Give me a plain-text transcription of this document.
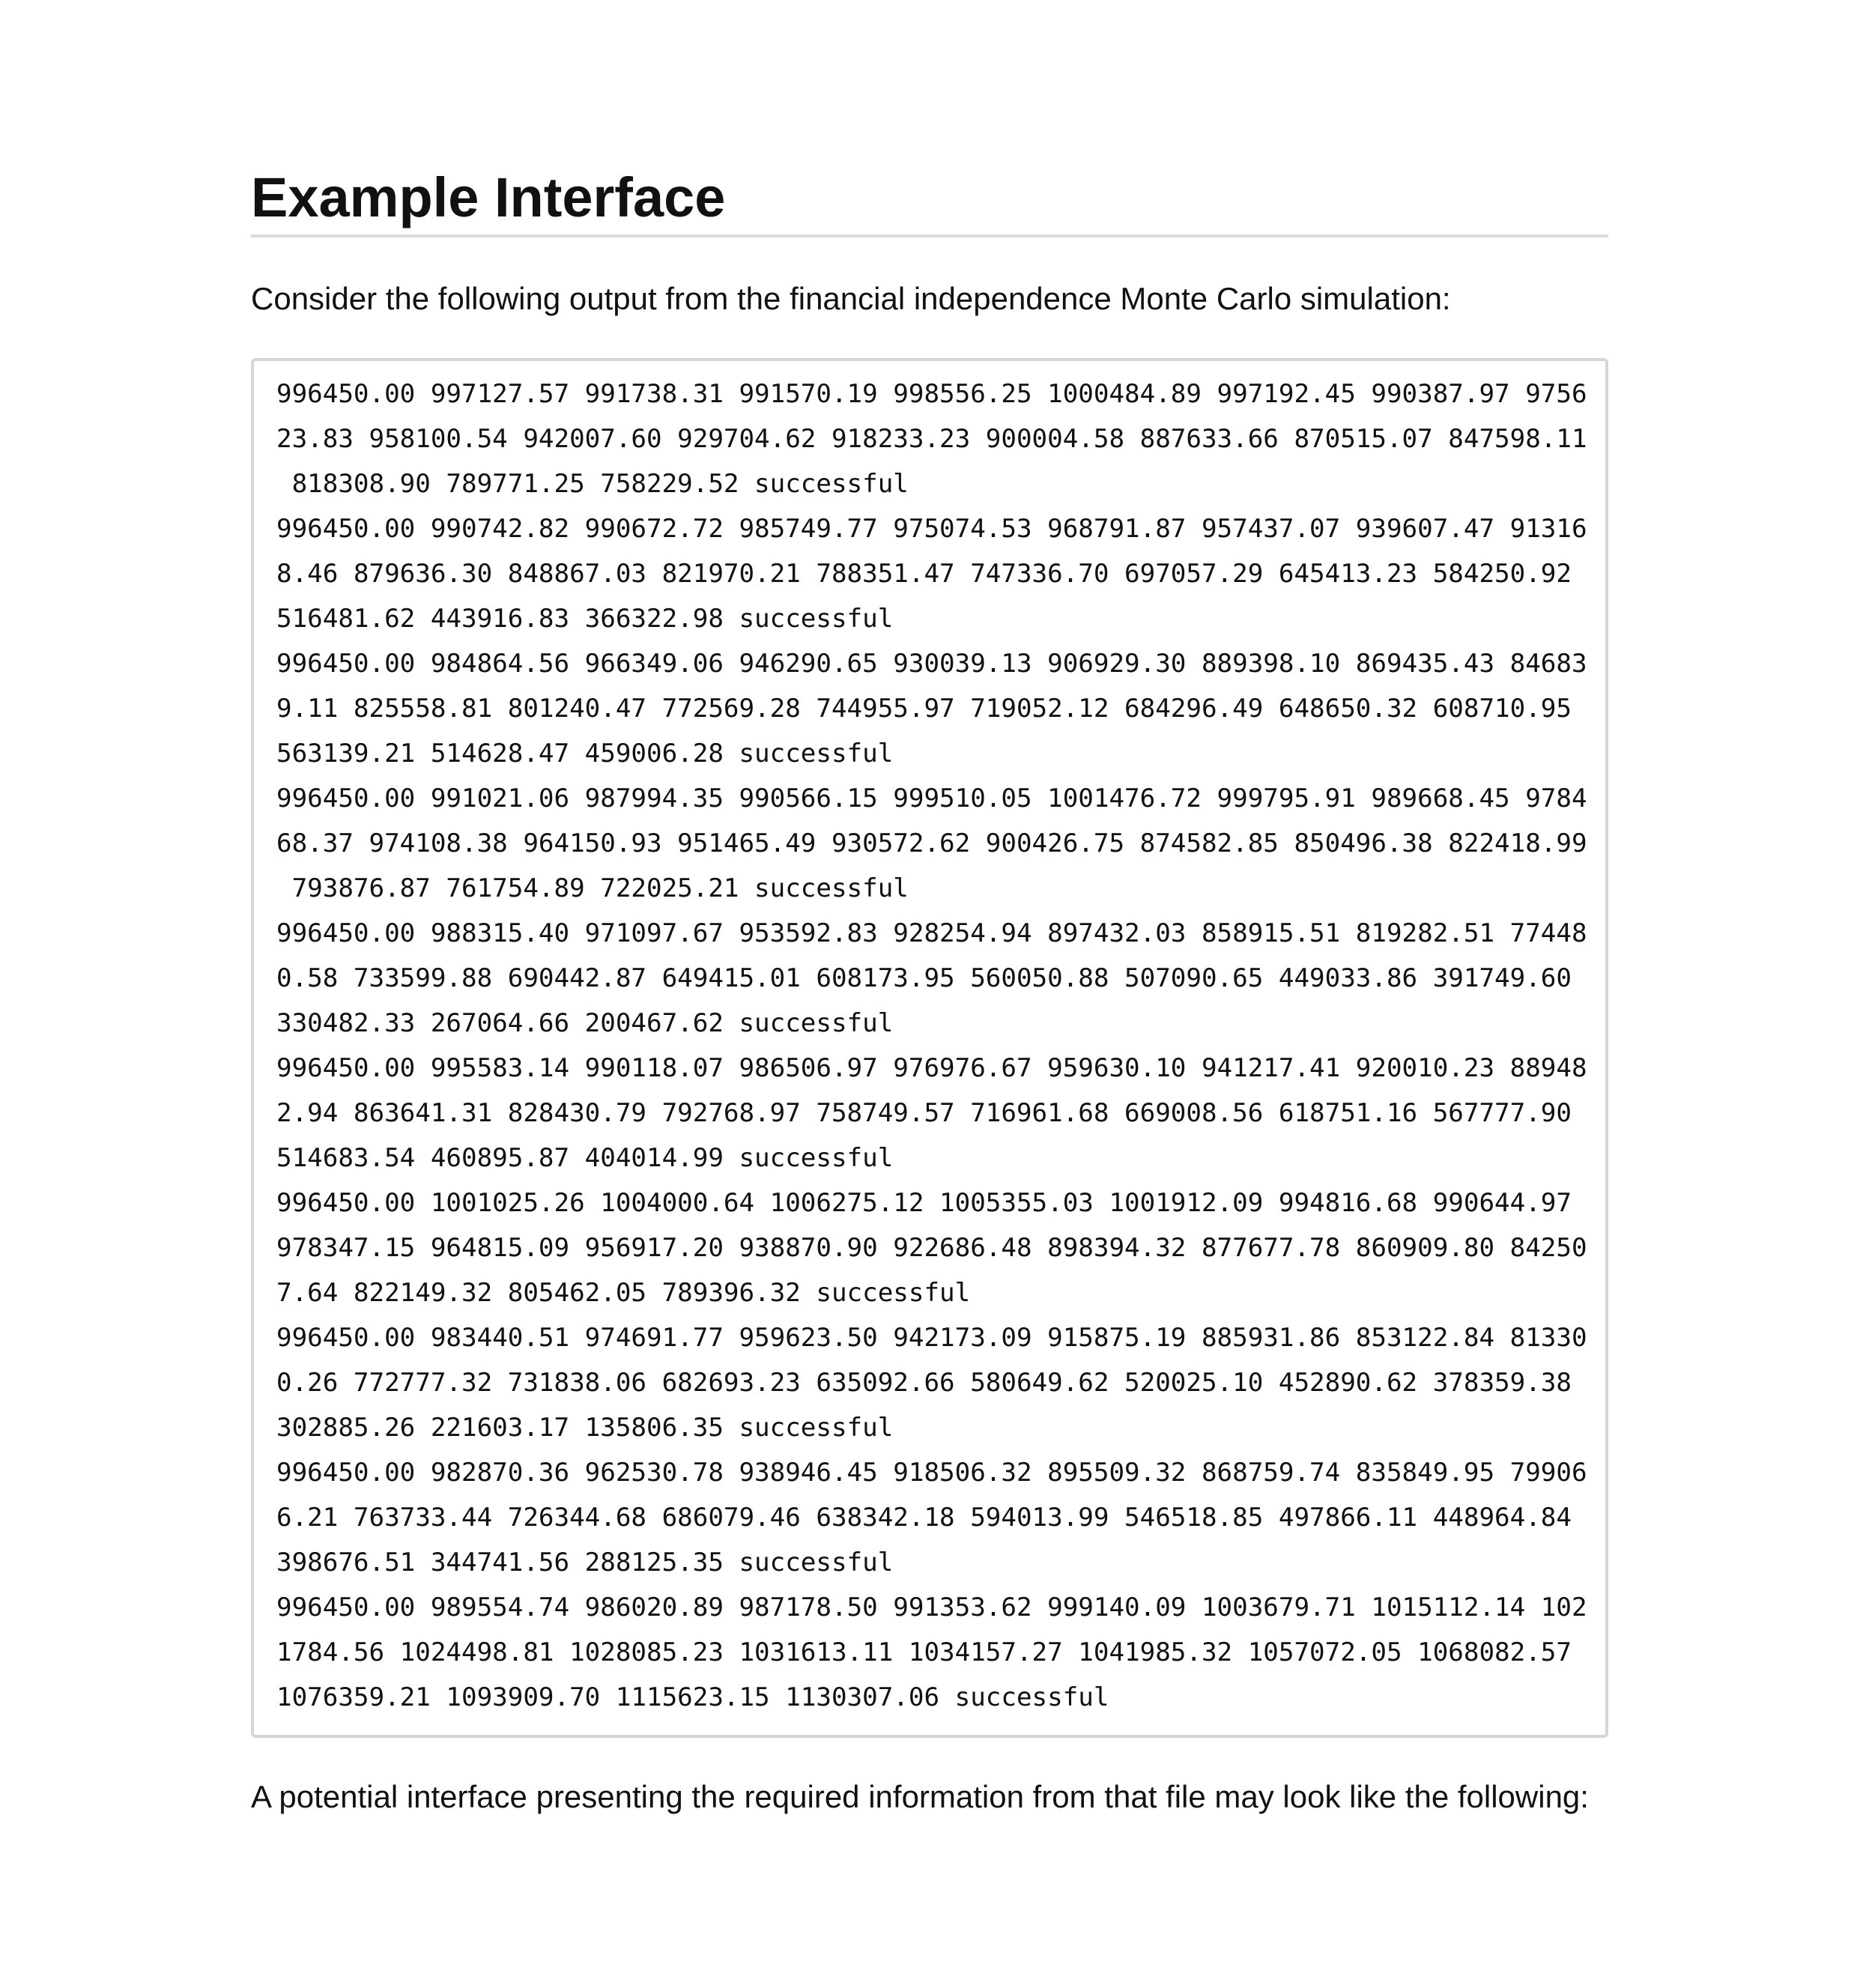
Example Interface

Consider the following output from the financial independence Monte Carlo simulation:

996450.00 997127.57 991738.31 991570.19 998556.25 1000484.89 997192.45 990387.97 9756
23.83 958100.54 942007.60 929704.62 918233.23 900004.58 887633.66 870515.07 847598.11
818308.90 789771.25 758229.52 successful
996450.00 990742.82 990672.72 985749.77 975074.53 968791.87 957437.07 939607.47 91316
8.46 879636.30 848867.03 821970.21 788351.47 747336.70 697057.29 645413.23 584250.92
516481.62 443916.83 366322.98 successful
996450.00 984864.56 966349.06 946290.65 930039.13 906929.30 889398.10 869435.43 84683
9.11 825558.81 801240.47 772569.28 744955.97 719052.12 684296.49 648650.32 608710.95
563139.21 514628.47 459006.28 successful
996450.00 991021.06 987994.35 990566.15 999510.05 1001476.72 999795.91 989668.45 9784
68.37 974108.38 964150.93 951465.49 930572.62 900426.75 874582.85 850496.38 822418.99
793876.87 761754.89 722025.21 successful
996450.00 988315.40 971097.67 953592.83 928254.94 897432.03 858915.51 819282.51 77448
0.58 733599.88 690442.87 649415.01 608173.95 560050.88 507090.65 449033.86 391749.60
330482.33 267064.66 200467.62 successful
996450.00 995583.14 990118.07 986506.97 976976.67 959630.10 941217.41 920010.23 88948
2.94 863641.31 828430.79 792768.97 758749.57 716961.68 669008.56 618751.16 567777.90
514683.54 460895.87 404014.99 successful
996450.00 1001025.26 1004000.64 1006275.12 1005355.03 1001912.09 994816.68 990644.97
978347.15 964815.09 956917.20 938870.90 922686.48 898394.32 877677.78 860909.80 84250
7.64 822149.32 805462.05 789396.32 successful
996450.00 983440.51 974691.77 959623.50 942173.09 915875.19 885931.86 853122.84 81330
0.26 772777.32 731838.06 682693.23 635092.66 580649.62 520025.10 452890.62 378359.38
302885.26 221603.17 135806.35 successful
996450.00 982870.36 962530.78 938946.45 918506.32 895509.32 868759.74 835849.95 79906
6.21 763733.44 726344.68 686079.46 638342.18 594013.99 546518.85 497866.11 448964.84
398676.51 344741.56 288125.35 successful
996450.00 989554.74 986020.89 987178.50 991353.62 999140.09 1003679.71 1015112.14 102
1784.56 1024498.81 1028085.23 1031613.11 1034157.27 1041985.32 1057072.05 1068082.57
1076359.21 1093909.70 1115623.15 1130307.06 successful

A potential interface presenting the required information from that file may look like the following:
